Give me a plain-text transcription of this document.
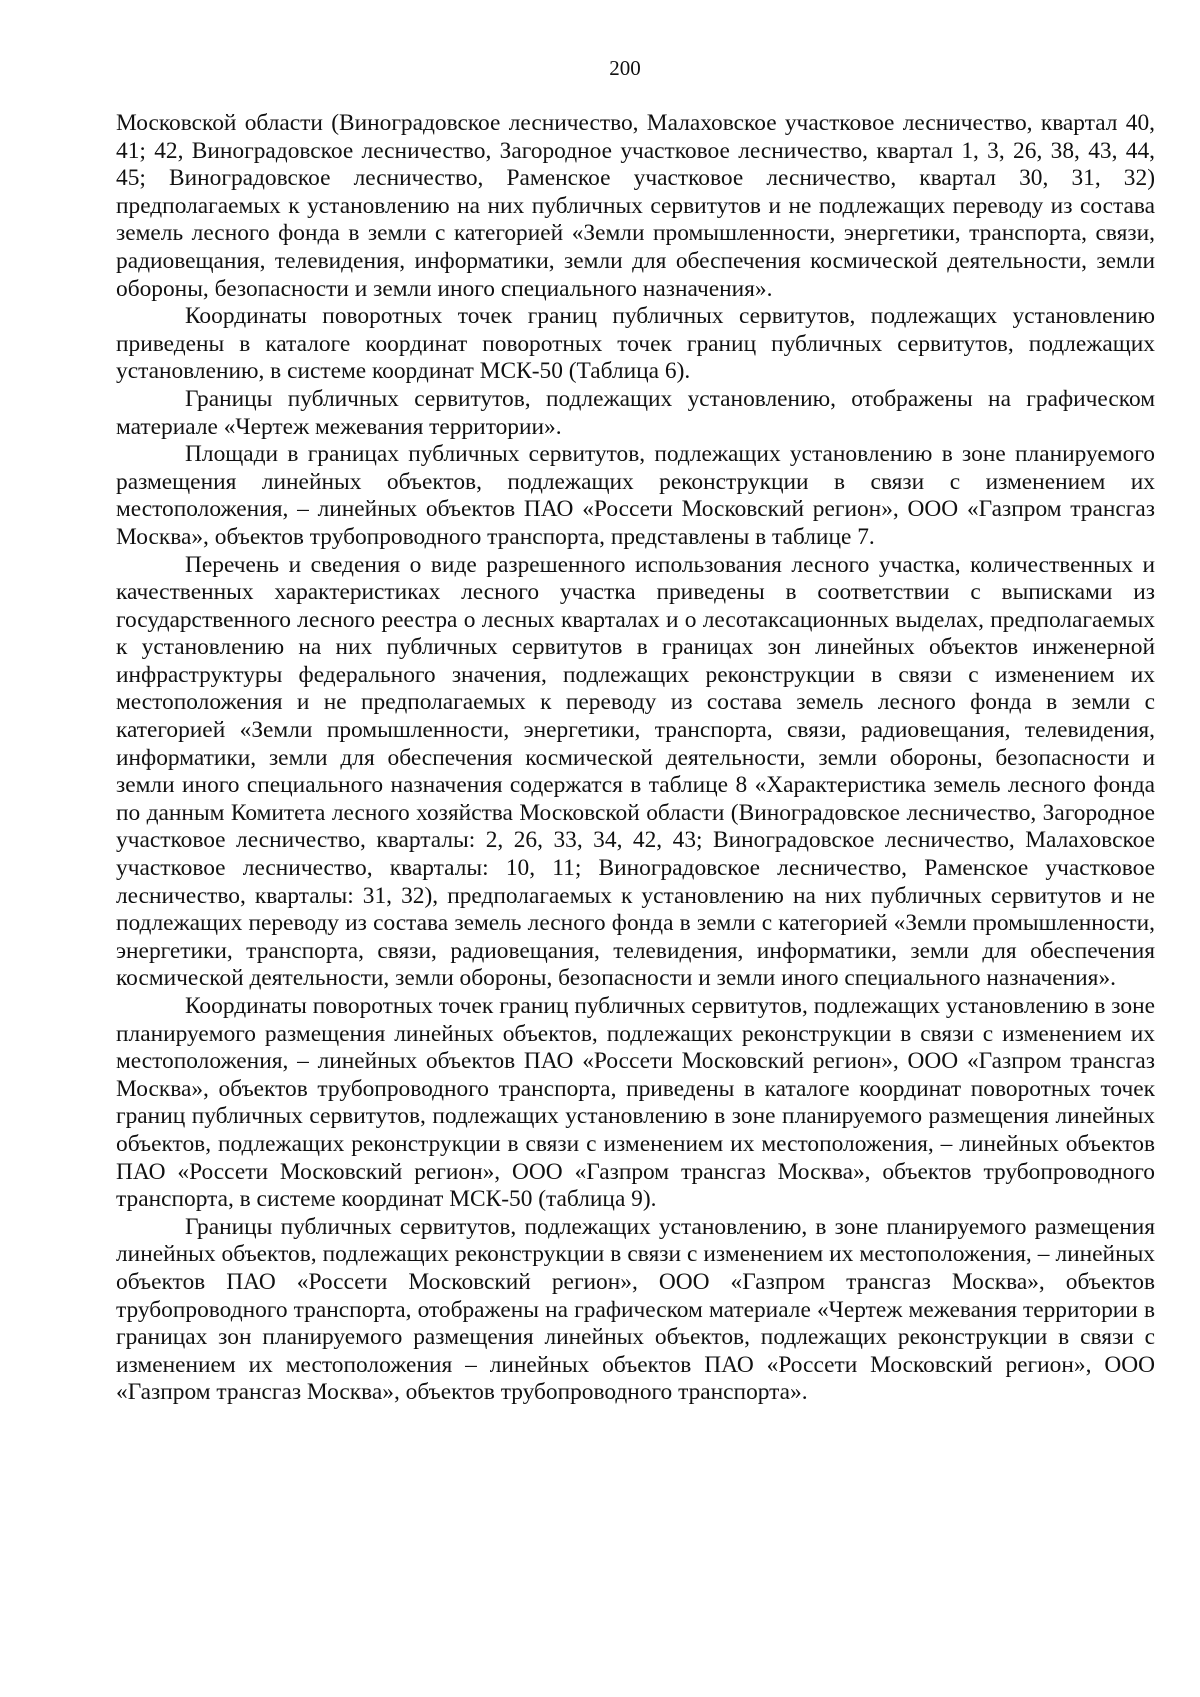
200

Московской области (Виноградовское лесничество, Малаховское участковое лесничество, квартал 40, 41; 42, Виноградовское лесничество, Загородное участковое лесничество, квартал 1, 3, 26, 38, 43, 44, 45; Виноградовское лесничество, Раменское участковое лесничество, квартал 30, 31, 32) предполагаемых к установлению на них публичных сервитутов и не подлежащих переводу из состава земель лесного фонда в земли с категорией «Земли промышленности, энергетики, транспорта, связи, радиовещания, телевидения, информатики, земли для обеспечения космической деятельности, земли обороны, безопасности и земли иного специального назначения».

Координаты поворотных точек границ публичных сервитутов, подлежащих установлению приведены в каталоге координат поворотных точек границ публичных сервитутов, подлежащих установлению, в системе координат МСК-50 (Таблица 6).

Границы публичных сервитутов, подлежащих установлению, отображены на графическом материале «Чертеж межевания территории».

Площади в границах публичных сервитутов, подлежащих установлению в зоне планируемого размещения линейных объектов, подлежащих реконструкции в связи с изменением их местоположения, – линейных объектов ПАО «Россети Московский регион», ООО «Газпром трансгаз Москва», объектов трубопроводного транспорта, представлены в таблице 7.

Перечень и сведения о виде разрешенного использования лесного участка, количественных и качественных характеристиках лесного участка приведены в соответствии с выписками из государственного лесного реестра о лесных кварталах и о лесотаксационных выделах, предполагаемых к установлению на них публичных сервитутов в границах зон линейных объектов инженерной инфраструктуры федерального значения, подлежащих реконструкции в связи с изменением их местоположения и не предполагаемых к переводу из состава земель лесного фонда в земли с категорией «Земли промышленности, энергетики, транспорта, связи, радиовещания, телевидения, информатики, земли для обеспечения космической деятельности, земли обороны, безопасности и земли иного специального назначения содержатся в таблице 8 «Характеристика земель лесного фонда по данным Комитета лесного хозяйства Московской области (Виноградовское лесничество, Загородное участковое лесничество, кварталы: 2, 26, 33, 34, 42, 43; Виноградовское лесничество, Малаховское участковое лесничество, кварталы: 10, 11; Виноградовское лесничество, Раменское участковое лесничество, кварталы: 31, 32), предполагаемых к установлению на них публичных сервитутов и не подлежащих переводу из состава земель лесного фонда в земли с категорией «Земли промышленности, энергетики, транспорта, связи, радиовещания, телевидения, информатики, земли для обеспечения космической деятельности, земли обороны, безопасности и земли иного специального назначения».

Координаты поворотных точек границ публичных сервитутов, подлежащих установлению в зоне планируемого размещения линейных объектов, подлежащих реконструкции в связи с изменением их местоположения, – линейных объектов ПАО «Россети Московский регион», ООО «Газпром трансгаз Москва», объектов трубопроводного транспорта, приведены в каталоге координат поворотных точек границ публичных сервитутов, подлежащих установлению в зоне планируемого размещения линейных объектов, подлежащих реконструкции в связи с изменением их местоположения, – линейных объектов ПАО «Россети Московский регион», ООО «Газпром трансгаз Москва», объектов трубопроводного транспорта, в системе координат МСК-50 (таблица 9).

Границы публичных сервитутов, подлежащих установлению, в зоне планируемого размещения линейных объектов, подлежащих реконструкции в связи с изменением их местоположения, – линейных объектов ПАО «Россети Московский регион», ООО «Газпром трансгаз Москва», объектов трубопроводного транспорта, отображены на графическом материале «Чертеж межевания территории в границах зон планируемого размещения линейных объектов, подлежащих реконструкции в связи с изменением их местоположения – линейных объектов ПАО «Россети Московский регион», ООО «Газпром трансгаз Москва», объектов трубопроводного транспорта».
